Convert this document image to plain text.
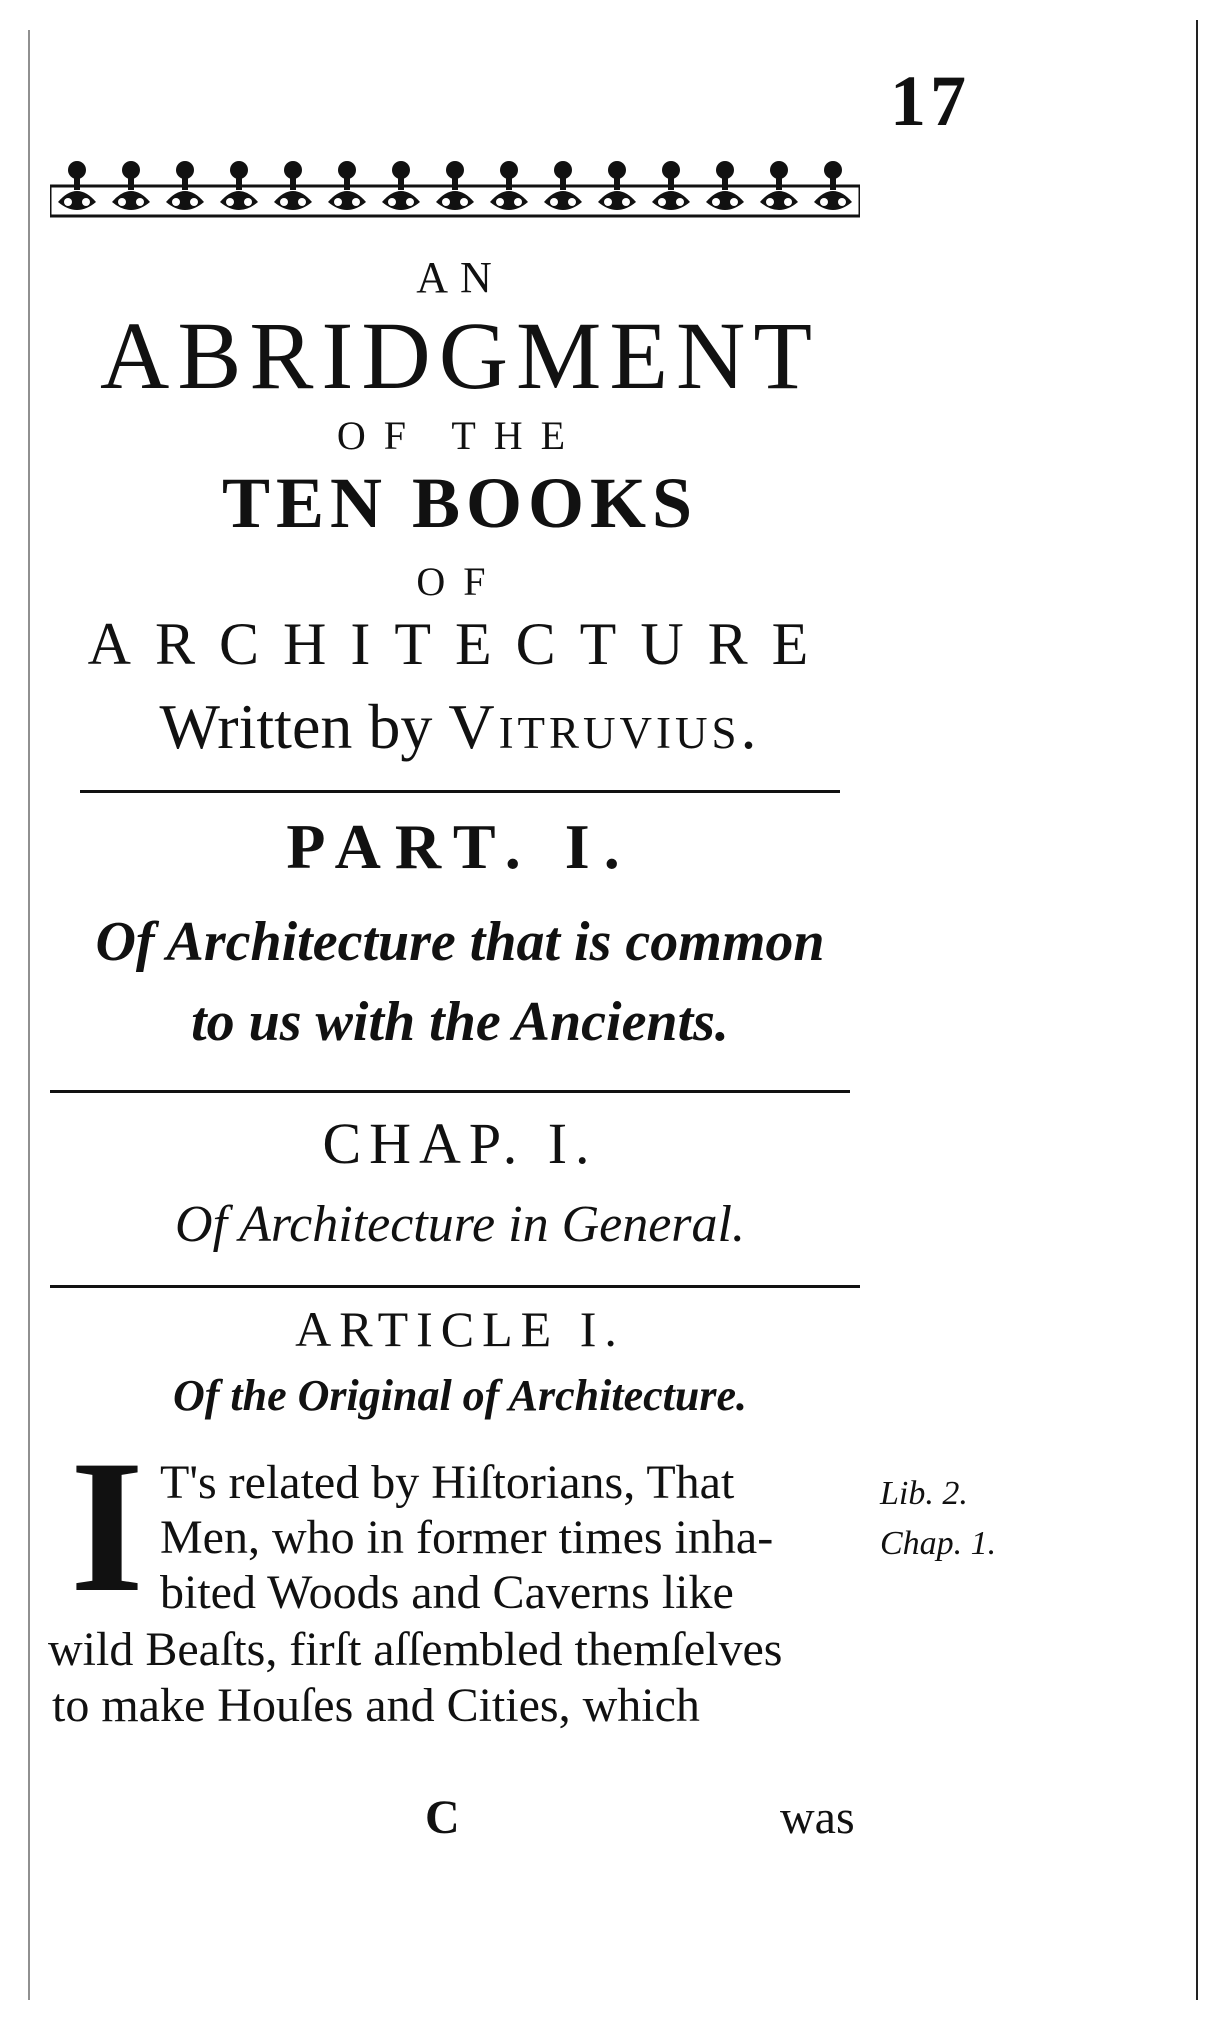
17
AN
ABRIDGMENT
OF THE
TEN BOOKS
OF
ARCHITECTURE
Written by Vitruvius.
PART. I.
Of Architecture that is common
to us with the Ancients.
CHAP. I.
Of Architecture in General.
ARTICLE I.
Of the Original of Architecture.
I T's related by Hiſtorians, That
Men, who in former times inha-
bited Woods and Caverns like
wild Beaſts, firſt aſſembled themſelves
to make Houſes and Cities, which
Lib. 2.
Chap. 1.
C	was
